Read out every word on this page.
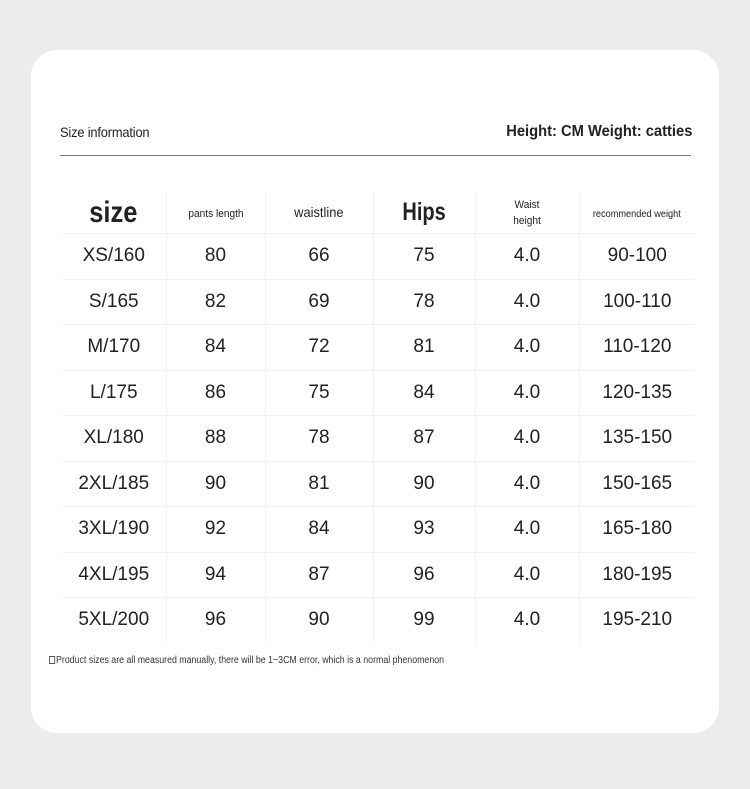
Size information	Height: CM Weight: catties
size	pants length	waistline	Hips	Waist height	recommended weight
XS/160	80	66	75	4.0	90-100
S/165	82	69	78	4.0	100-110
M/170	84	72	81	4.0	110-120
L/175	86	75	84	4.0	120-135
XL/180	88	78	87	4.0	135-150
2XL/185	90	81	90	4.0	150-165
3XL/190	92	84	93	4.0	165-180
4XL/195	94	87	96	4.0	180-195
5XL/200	96	90	99	4.0	195-210
Product sizes are all measured manually, there will be 1~3CM error, which is a normal phenomenon
